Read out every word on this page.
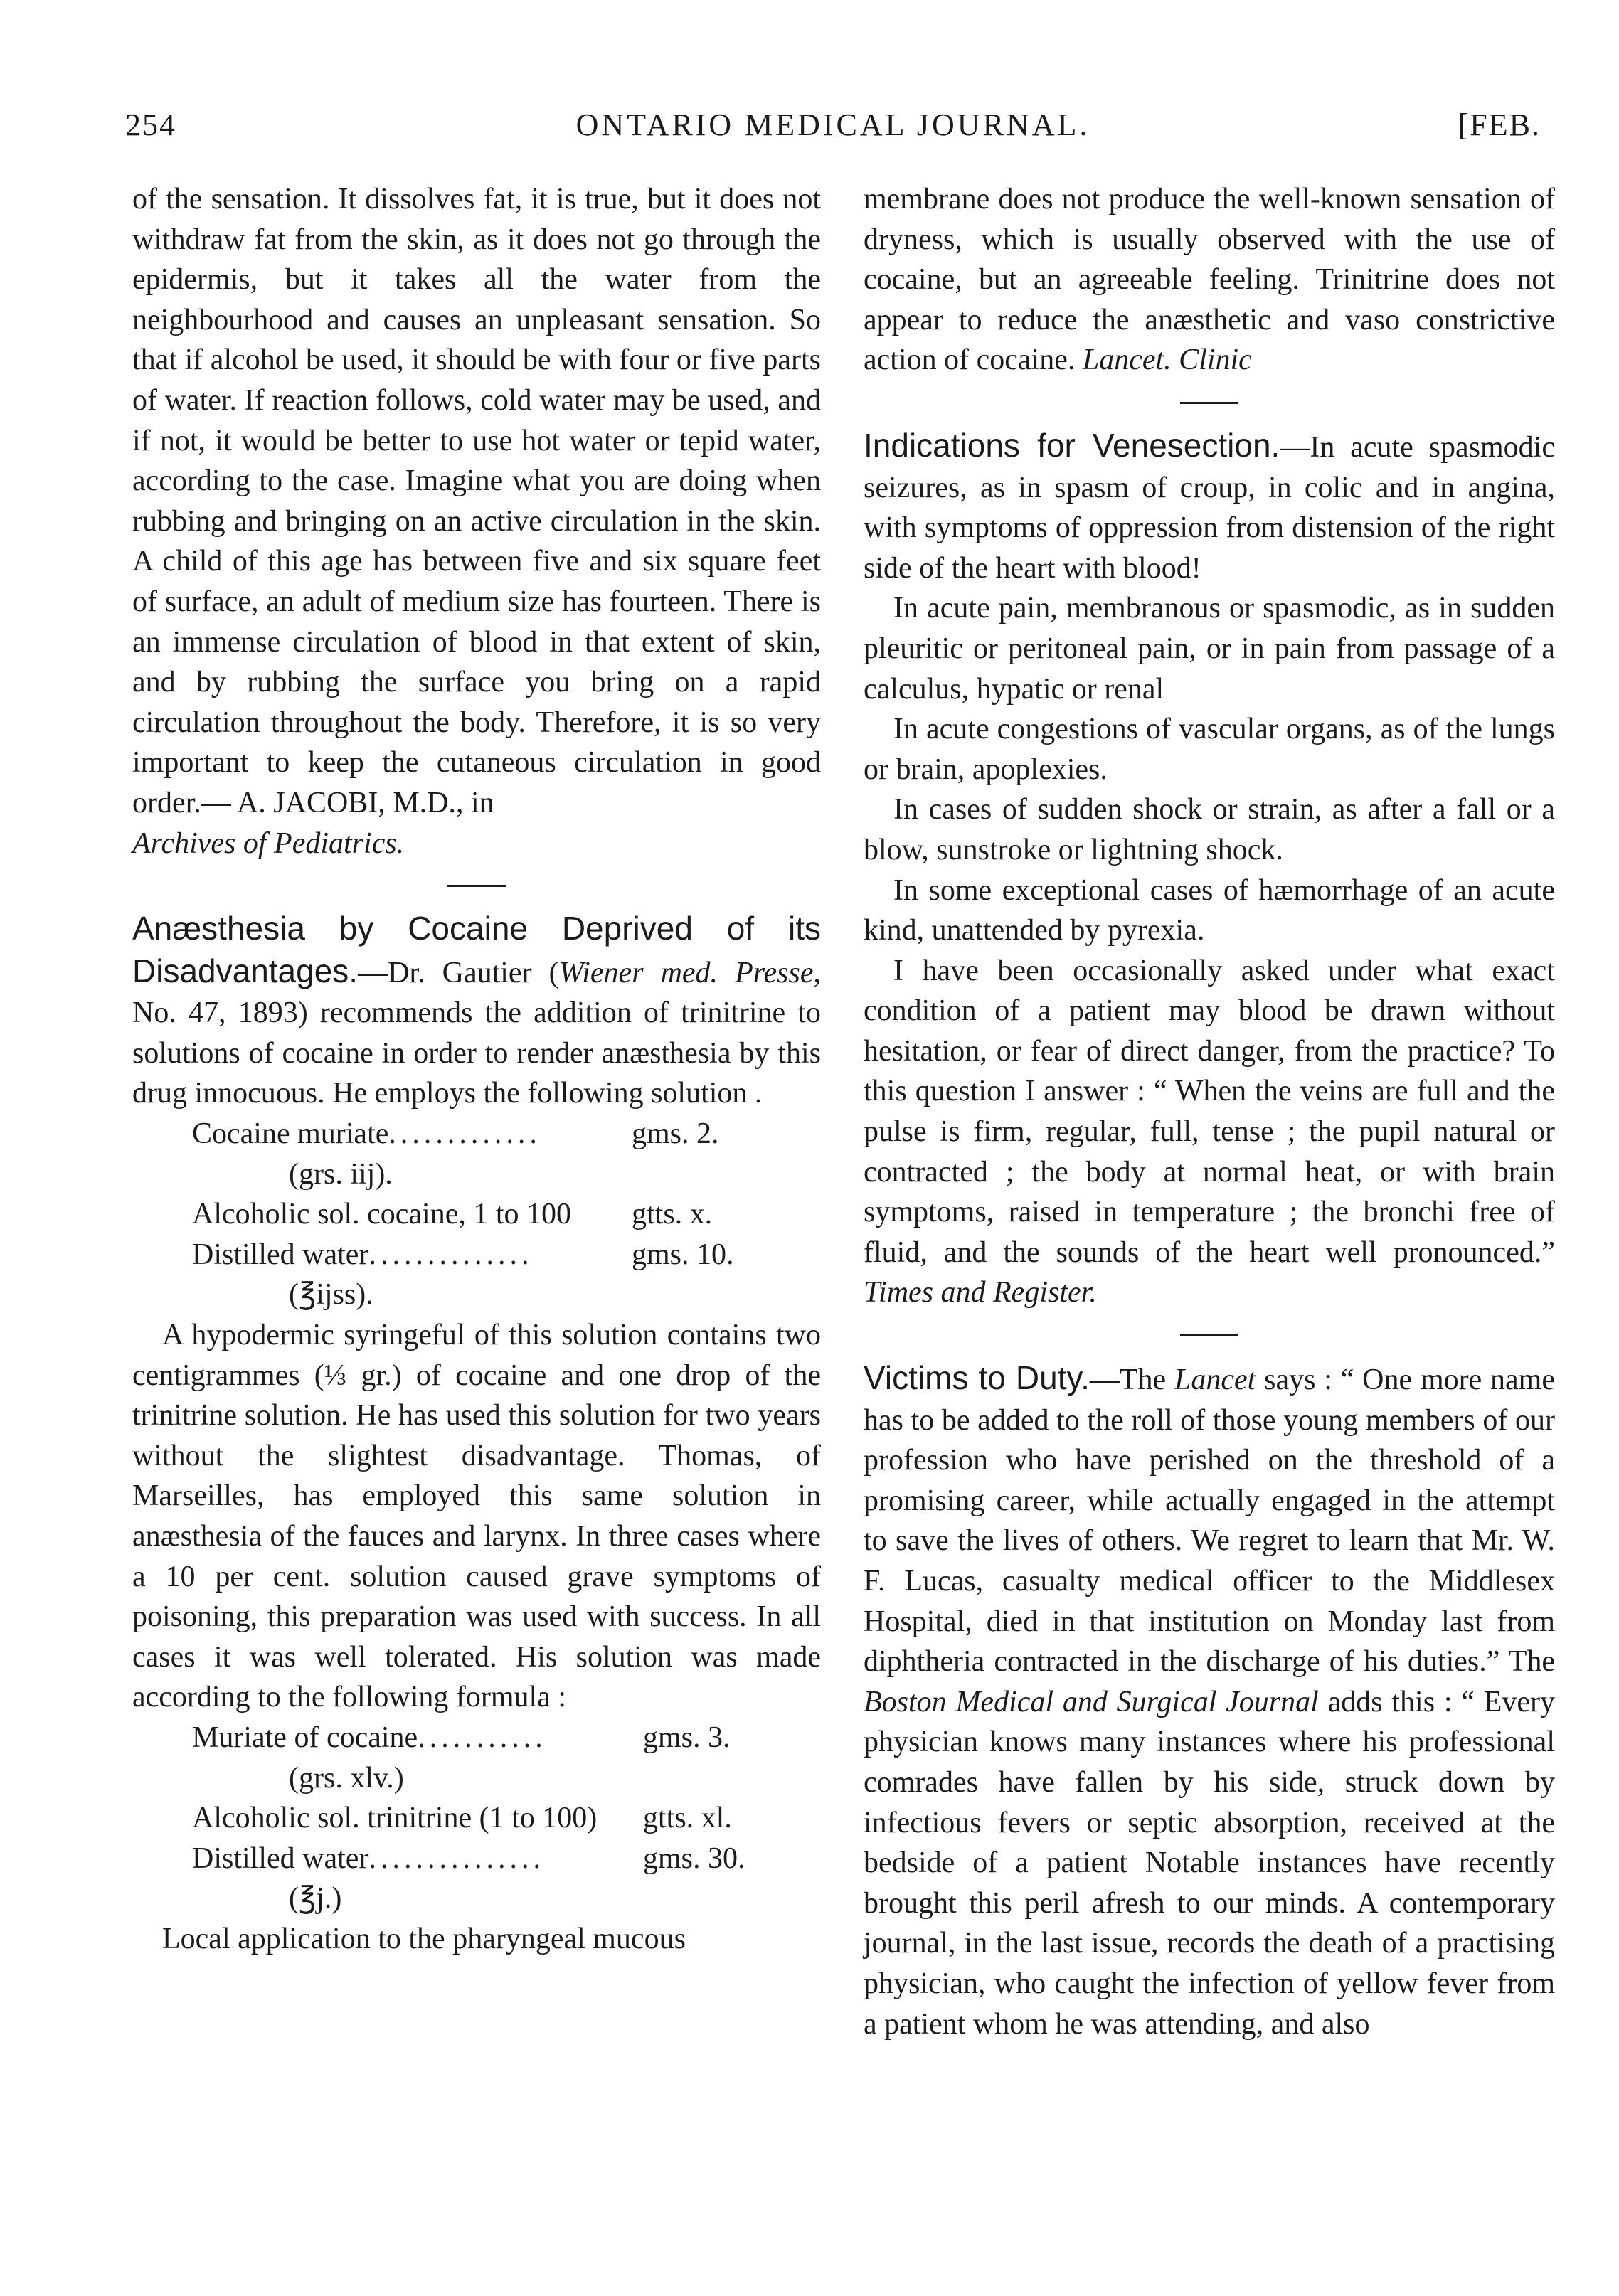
254	ONTARIO MEDICAL JOURNAL.	[FEB.

of the sensation. It dissolves fat, it is true, but it does not withdraw fat from the skin, as it does not go through the epidermis, but it takes all the water from the neighbourhood and causes an unpleasant sensation. So that if alcohol be used, it should be with four or five parts of water. If reaction follows, cold water may be used, and if not, it would be better to use hot water or tepid water, according to the case. Imagine what you are doing when rubbing and bringing on an active circulation in the skin. A child of this age has between five and six square feet of surface, an adult of medium size has fourteen. There is an immense circulation of blood in that extent of skin, and by rubbing the surface you bring on a rapid circulation throughout the body. Therefore, it is so very important to keep the cutaneous circulation in good order.— A. JACOBI, M.D., in
Archives of Pediatrics.

Anæsthesia by Cocaine Deprived of its Disadvantages.—Dr. Gautier (Wiener med. Presse, No. 47, 1893) recommends the addition of trinitrine to solutions of cocaine in order to render anæsthesia by this drug innocuous. He employs the following solution .

Cocaine muriate.............	gms. 2.
(grs. iij).
Alcoholic sol. cocaine, 1 to 100 gtts. x.
Distilled water..............	gms. 10.
(℥ijss).

A hypodermic syringeful of this solution contains two centigrammes (⅓ gr.) of cocaine and one drop of the trinitrine solution. He has used this solution for two years without the slightest disadvantage. Thomas, of Marseilles, has employed this same solution in anæsthesia of the fauces and larynx. In three cases where a 10 per cent. solution caused grave symptoms of poisoning, this preparation was used with success. In all cases it was well tolerated. His solution was made according to the following formula :

Muriate of cocaine...........	gms. 3.
(grs. xlv.)
Alcoholic sol. trinitrine (1 to 100) gtts. xl.
Distilled water...............	gms. 30.
(℥j.)

Local application to the pharyngeal mucous

membrane does not produce the well-known sensation of dryness, which is usually observed with the use of cocaine, but an agreeable feeling. Trinitrine does not appear to reduce the anæsthetic and vaso constrictive action of cocaine. Lancet. Clinic

Indications for Venesection.—In acute spasmodic seizures, as in spasm of croup, in colic and in angina, with symptoms of oppression from distension of the right side of the heart with blood!

In acute pain, membranous or spasmodic, as in sudden pleuritic or peritoneal pain, or in pain from passage of a calculus, hypatic or renal

In acute congestions of vascular organs, as of the lungs or brain, apoplexies.

In cases of sudden shock or strain, as after a fall or a blow, sunstroke or lightning shock.

In some exceptional cases of hæmorrhage of an acute kind, unattended by pyrexia.

I have been occasionally asked under what exact condition of a patient may blood be drawn without hesitation, or fear of direct danger, from the practice? To this question I answer : “ When the veins are full and the pulse is firm, regular, full, tense ; the pupil natural or contracted ; the body at normal heat, or with brain symptoms, raised in temperature ; the bronchi free of fluid, and the sounds of the heart well pronounced.” Times and Register.

Victims to Duty.—The Lancet says : “ One more name has to be added to the roll of those young members of our profession who have perished on the threshold of a promising career, while actually engaged in the attempt to save the lives of others. We regret to learn that Mr. W. F. Lucas, casualty medical officer to the Middlesex Hospital, died in that institution on Monday last from diphtheria contracted in the discharge of his duties.” The Boston Medical and Surgical Journal adds this : “ Every physician knows many instances where his professional comrades have fallen by his side, struck down by infectious fevers or septic absorption, received at the bedside of a patient Notable instances have recently brought this peril afresh to our minds. A contemporary journal, in the last issue, records the death of a practising physician, who caught the infection of yellow fever from a patient whom he was attending, and also
